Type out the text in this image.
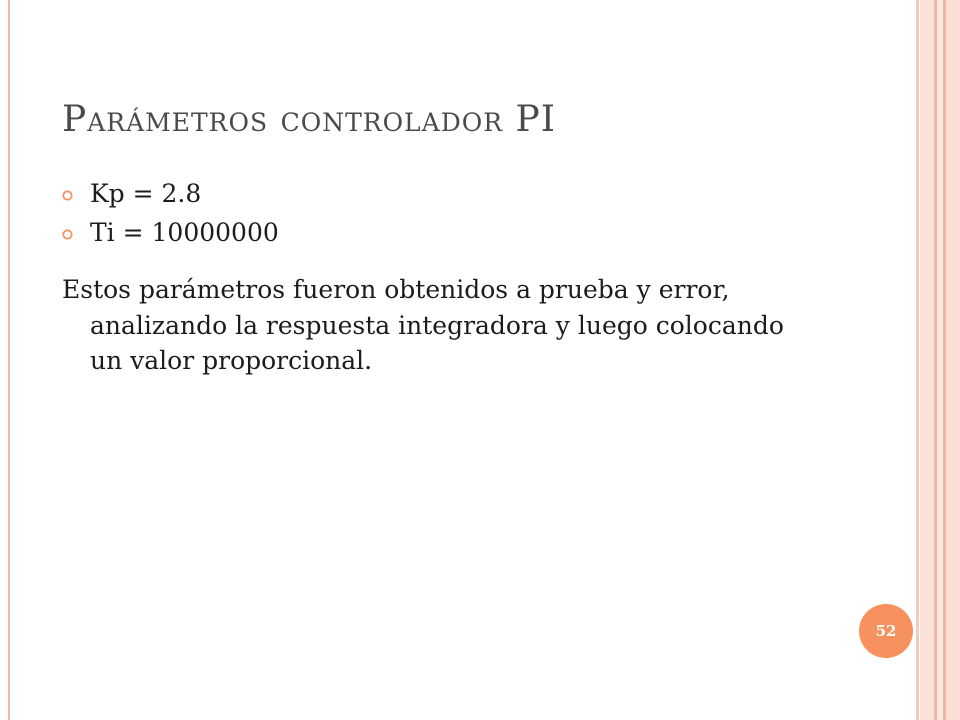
Parámetros controlador PI
Kp = 2.8
Ti = 10000000

Estos parámetros fueron obtenidos a prueba y error, analizando la respuesta integradora y luego colocando un valor proporcional.

52
